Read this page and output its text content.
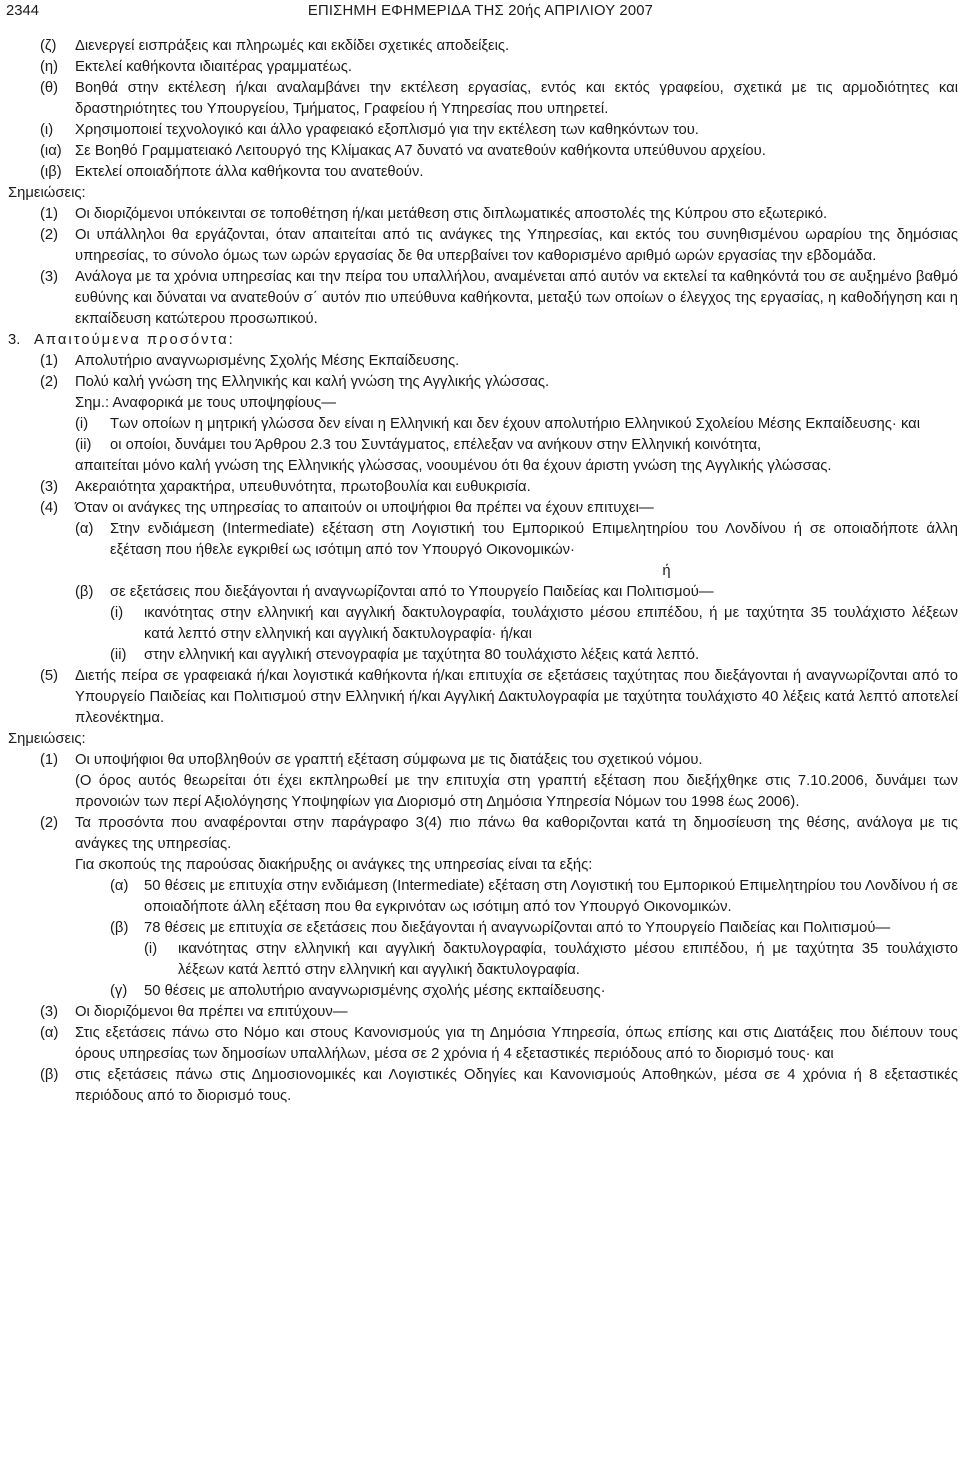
2344	ΕΠΙΣΗΜΗ ΕΦΗΜΕΡΙΔΑ ΤΗΣ 20ής ΑΠΡΙΛΙΟΥ 2007
(ζ)	Διενεργεί εισπράξεις και πληρωμές και εκδίδει σχετικές αποδείξεις.
(η)	Εκτελεί καθήκοντα ιδιαιτέρας γραμματέως.
(θ)	Βοηθά στην εκτέλεση ή/και αναλαμβάνει την εκτέλεση εργασίας, εντός και εκτός γραφείου, σχετικά με τις αρμοδιότητες και δραστηριότητες του Υπουργείου, Τμήματος, Γραφείου ή Υπηρεσίας που υπηρετεί.
(ι)	Χρησιμοποιεί τεχνολογικό και άλλο γραφειακό εξοπλισμό για την εκτέλεση των καθηκόντων του.
(ια) Σε Βοηθό Γραμματειακό Λειτουργό της Κλίμακας Α7 δυνατό να ανατεθούν καθήκοντα υπεύθυνου αρχείου.
(ιβ) Εκτελεί οποιαδήποτε άλλα καθήκοντα του ανατεθούν.
Σημειώσεις:
(1)	Οι διοριζόμενοι υπόκεινται σε τοποθέτηση ή/και μετάθεση στις διπλωματικές αποστολές της Κύπρου στο εξωτερικό.
(2)	Οι υπάλληλοι θα εργάζονται, όταν απαιτείται από τις ανάγκες της Υπηρεσίας, και εκτός του συνηθισμένου ωραρίου της δημόσιας υπηρεσίας, το σύνολο όμως των ωρών εργασίας δε θα υπερβαίνει τον καθορισμένο αριθμό ωρών εργασίας την εβδομάδα.
(3)	Ανάλογα με τα χρόνια υπηρεσίας και την πείρα του υπαλλήλου, αναμένεται από αυτόν να εκτελεί τα καθηκόντά του σε αυξημένο βαθμό ευθύνης και δύναται να ανατεθούν σ΄ αυτόν πιο υπεύθυνα καθήκοντα, μεταξύ των οποίων ο έλεγχος της εργασίας, η καθοδήγηση και η εκπαίδευση κατώτερου προσωπικού.
3. Απαιτούμενα προσόντα:
(1)	Απολυτήριο αναγνωρισμένης Σχολής Μέσης Εκπαίδευσης.
(2)	Πολύ καλή γνώση της Ελληνικής και καλή γνώση της Αγγλικής γλώσσας.
Σημ.: Αναφορικά με τους υποψηφίους—
(i)	Των οποίων η μητρική γλώσσα δεν είναι η Ελληνική και δεν έχουν απολυτήριο Ελληνικού Σχολείου Μέσης Εκπαίδευσης· και
(ii)	οι οποίοι, δυνάμει του Άρθρου 2.3 του Συντάγματος, επέλεξαν να ανήκουν στην Ελληνική κοινότητα,
απαιτείται μόνο καλή γνώση της Ελληνικής γλώσσας, νοουμένου ότι θα έχουν άριστη γνώση της Αγγλικής γλώσσας.
(3)	Ακεραιότητα χαρακτήρα, υπευθυνότητα, πρωτοβουλία και ευθυκρισία.
(4)	Όταν οι ανάγκες της υπηρεσίας το απαιτούν οι υποψήφιοι θα πρέπει να έχουν επιτυχει—
(α)	Στην ενδιάμεση (Intermediate) εξέταση στη Λογιστική του Εμπορικού Επιμελητηρίου του Λονδίνου ή σε οποιαδήποτε άλλη εξέταση που ήθελε εγκριθεί ως ισότιμη από τον Υπουργό Οικονομικών·
ή
(β)	σε εξετάσεις που διεξάγονται ή αναγνωρίζονται από το Υπουργείο Παιδείας και Πολιτισμού—
(i)	ικανότητας στην ελληνική και αγγλική δακτυλογραφία, τουλάχιστο μέσου επιπέδου, ή με ταχύτητα 35 τουλάχιστο λέξεων κατά λεπτό στην ελληνική και αγγλική δακτυλογραφία· ή/και
(ii)	στην ελληνική και αγγλική στενογραφία με ταχύτητα 80 τουλάχιστο λέξεις κατά λεπτό.
(5)	Διετής πείρα σε γραφειακά ή/και λογιστικά καθήκοντα ή/και επιτυχία σε εξετάσεις ταχύτητας που διεξάγονται ή αναγνωρίζονται από το Υπουργείο Παιδείας και Πολιτισμού στην Ελληνική ή/και Αγγλική Δακτυλογραφία με ταχύτητα τουλάχιστο 40 λέξεις κατά λεπτό αποτελεί πλεονέκτημα.
Σημειώσεις:
(1)	Οι υποψήφιοι θα υποβληθούν σε γραπτή εξέταση σύμφωνα με τις διατάξεις του σχετικού νόμου.
(Ο όρος αυτός θεωρείται ότι έχει εκπληρωθεί με την επιτυχία στη γραπτή εξέταση που διεξήχθηκε στις 7.10.2006, δυνάμει των προνοιών των περί Αξιολόγησης Υποψηφίων για Διορισμό στη Δημόσια Υπηρεσία Νόμων του 1998 έως 2006).
(2)	Τα προσόντα που αναφέρονται στην παράγραφο 3(4) πιο πάνω θα καθοριζονται κατά τη δημοσίευση της θέσης, ανάλογα με τις ανάγκες της υπηρεσίας.
Για σκοπούς της παρούσας διακήρυξης οι ανάγκες της υπηρεσίας είναι τα εξής:
(α)	50 θέσεις με επιτυχία στην ενδιάμεση (Intermediate) εξέταση στη Λογιστική του Εμπορικού Επιμελητηρίου του Λονδίνου ή σε οποιαδήποτε άλλη εξέταση που θα εγκρινόταν ως ισότιμη από τον Υπουργό Οικονομικών.
(β)	78 θέσεις με επιτυχία σε εξετάσεις που διεξάγονται ή αναγνωρίζονται από το Υπουργείο Παιδείας και Πολιτισμού—
(i)	ικανότητας στην ελληνική και αγγλική δακτυλογραφία, τουλάχιστο μέσου επιπέδου, ή με ταχύτητα 35 τουλάχιστο λέξεων κατά λεπτό στην ελληνική και αγγλική δακτυλογραφία.
(γ)	50 θέσεις με απολυτήριο αναγνωρισμένης σχολής μέσης εκπαίδευσης·
(3)	Οι διοριζόμενοι θα πρέπει να επιτύχουν—
(α)	Στις εξετάσεις πάνω στο Νόμο και στους Κανονισμούς για τη Δημόσια Υπηρεσία, όπως επίσης και στις Διατάξεις που διέπουν τους όρους υπηρεσίας των δημοσίων υπαλλήλων, μέσα σε 2 χρόνια ή 4 εξεταστικές περιόδους από το διορισμό τους· και
(β)	στις εξετάσεις πάνω στις Δημοσιονομικές και Λογιστικές Οδηγίες και Κανονισμούς Αποθηκών, μέσα σε 4 χρόνια ή 8 εξεταστικές περιόδους από το διορισμό τους.
